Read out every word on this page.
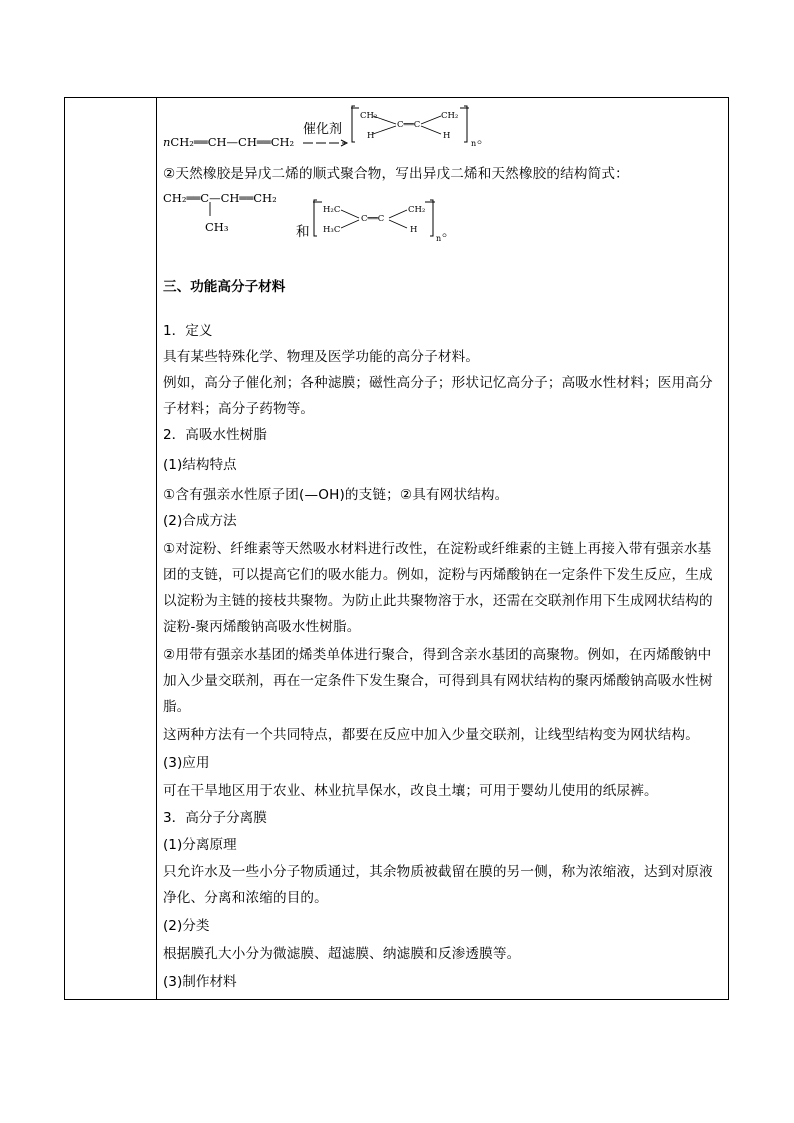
nCH₂══CH—CH══CH₂
催化剂
CH₂
H
C══C
CH₂
H
n 。
②天然橡胶是异戊二烯的顺式聚合物，写出异戊二烯和天然橡胶的结构简式：
CH₂══C—CH══CH₂
CH₃	和
H₂C
H₃C
C══C
CH₂
H
n 。
三、功能高分子材料
1．定义
具有某些特殊化学、物理及医学功能的高分子材料。
例如，高分子催化剂；各种滤膜；磁性高分子；形状记忆高分子；高吸水性材料；医用高分
子材料；高分子药物等。
2．高吸水性树脂
(1)结构特点
①含有强亲水性原子团(—OH)的支链；②具有网状结构。
(2)合成方法
①对淀粉、纤维素等天然吸水材料进行改性，在淀粉或纤维素的主链上再接入带有强亲水基
团的支链，可以提高它们的吸水能力。例如，淀粉与丙烯酸钠在一定条件下发生反应，生成
以淀粉为主链的接枝共聚物。为防止此共聚物溶于水，还需在交联剂作用下生成网状结构的
淀粉-聚丙烯酸钠高吸水性树脂。
②用带有强亲水基团的烯类单体进行聚合，得到含亲水基团的高聚物。例如，在丙烯酸钠中
加入少量交联剂，再在一定条件下发生聚合，可得到具有网状结构的聚丙烯酸钠高吸水性树
脂。
这两种方法有一个共同特点，都要在反应中加入少量交联剂，让线型结构变为网状结构。
(3)应用
可在干旱地区用于农业、林业抗旱保水，改良土壤；可用于婴幼儿使用的纸尿裤。
3．高分子分离膜
(1)分离原理
只允许水及一些小分子物质通过，其余物质被截留在膜的另一侧，称为浓缩液，达到对原液
净化、分离和浓缩的目的。
(2)分类
根据膜孔大小分为微滤膜、超滤膜、纳滤膜和反渗透膜等。
(3)制作材料
